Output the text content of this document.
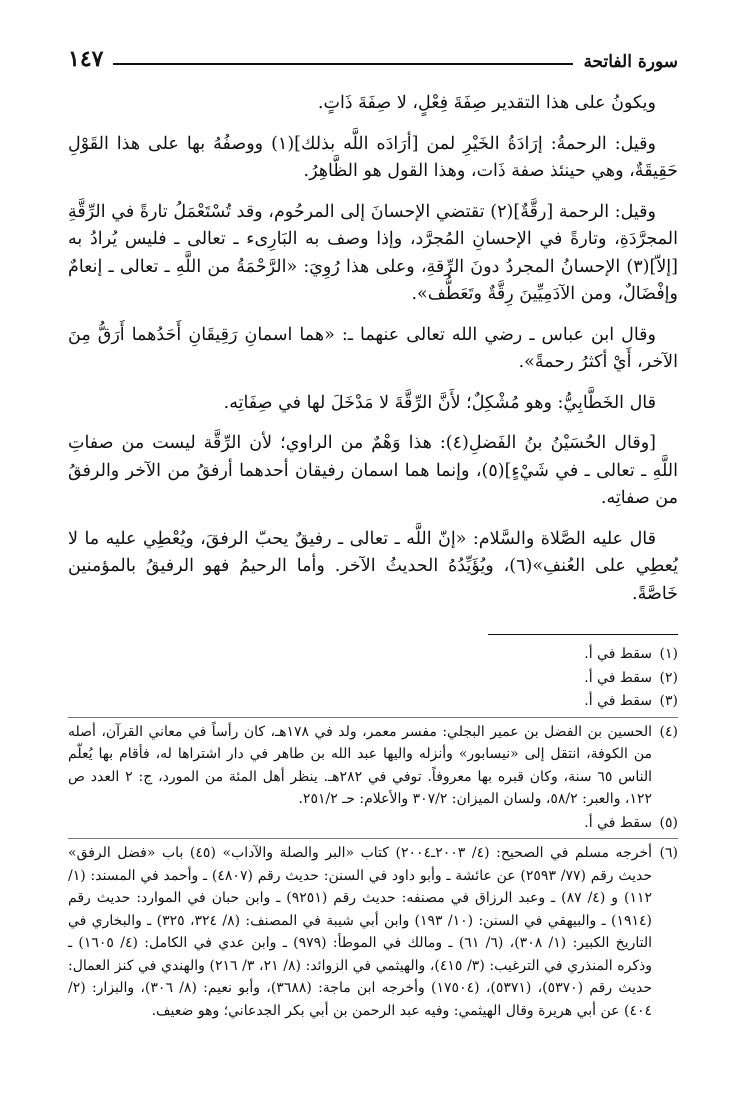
سورة الفاتحة
١٤٧

ويكونُ على هذا التقدير صِفَةَ فِعْلٍ، لا صِفَةَ ذَاتٍ.

وقيل: الرحمةُ: إرَادَةُ الخَيْرِ لمن [أرَادَه اللَّه بذلك](١) ووصفُهُ بها على هذا القَوْلِ حَقِيقَةٌ، وهي حينئذ صفة ذَات، وهذا القول هو الظَّاهِرُ.

وقيل: الرحمة [رقَّةٌ](٢) تقتضي الإحسانَ إلى المرحُوم، وقد تُسْتَعْمَلُ تارةً في الرِّقَّةِ المجرَّدَةِ، وتارةً في الإحسانِ المُجرَّد، وإذا وصف به البَارِىء ـ تعالى ـ فليس يُرادُ به [إلاّ](٣) الإحسانُ المجردُ دونَ الرِّقةِ، وعلى هذا رُوِيَ: «الرَّحْمَةُ من اللَّهِ ـ تعالى ـ إنعامٌ وإفْضَالٌ، ومن الآدَمِيِّينَ رِقَّةٌ وتَعَطُّف».

وقال ابن عباس ـ رضي الله تعالى عنهما ـ: «هما اسمانِ رَقِيقَانِ أَحَدُهما أَرَقُّ مِنَ الآخر، أَيْ أكثرُ رحمةً».

قال الخَطَّابِيُّ: وهو مُشْكِلٌ؛ لأَنَّ الرِّقَّةَ لا مَدْخَلَ لها في صِفَاتِه.

[وقال الحُسَيْنُ بنُ الفَضلِ(٤): هذا وَهْمٌ من الراوي؛ لأن الرِّقَّة ليست من صفاتِ اللَّهِ ـ تعالى ـ في شَيْءٍ](٥)، وإنما هما اسمان رفيقان أحدهما أرفقُ من الآخر والرفقُ من صفاتِه.

قال عليه الصَّلاة والسَّلام: «إنّ اللَّه ـ تعالى ـ رفيقٌ يحبّ الرفقَ، ويُعْطِي عليه ما لا يُعطِي على العُنفِ»(٦)، ويُؤَيِّدُهُ الحديثُ الآخر. وأما الرحيمُ فهو الرفيقُ بالمؤمنين خَاصَّةً.

(١)
سقط في أ.
(٢)
سقط في أ.
(٣)
سقط في أ.
(٤)
الحسين بن الفضل بن عمير البجلي: مفسر معمر، ولد في ١٧٨هـ، كان رأساً في معاني القرآن، أصله من الكوفة، انتقل إلى «نيسابور» وأنزله واليها عبد الله بن طاهر في دار اشتراها له، فأقام بها يُعلّم الناس ٦٥ سنة، وكان قبره بها معروفاً. توفي في ٢٨٢هـ. ينظر أهل المئة من المورد، ج: ٢ العدد ص ١٢٢، والعبر: ٥٨/٢، ولسان الميزان: ٣٠٧/٢ والأعلام: حـ ٢٥١/٢.
(٥)
سقط في أ.
(٦)
أخرجه مسلم في الصحيح: (٤/ ٢٠٠٣ـ٢٠٠٤) كتاب «البر والصلة والآداب» (٤٥) باب «فضل الرفق» حديث رقم (٧٧/ ٢٥٩٣) عن عائشة ـ وأبو داود في السنن: حديث رقم (٤٨٠٧) ـ وأحمد في المسند: (١/ ١١٢) و (٤/ ٨٧) ـ وعبد الرزاق في مصنفه: حديث رقم (٩٢٥١) ـ وابن حبان في الموارد: حديث رقم (١٩١٤) ـ والبيهقي في السنن: (١٠/ ١٩٣) وابن أبي شيبة في المصنف: (٨/ ٣٢٤، ٣٢٥) ـ والبخاري في التاريخ الكبير: (١/ ٣٠٨)، (٦/ ٦١) ـ ومالك في الموطأ: (٩٧٩) ـ وابن عدي في الكامل: (٤/ ١٦٠٥) ـ وذكره المنذري في الترغيب: (٣/ ٤١٥)، والهيثمي في الزوائد: (٨/ ٢١، ٣/ ٢١٦) والهندي في كنز العمال: حديث رقم (٥٣٧٠)، (٥٣٧١)، (١٧٥٠٤) وأخرجه ابن ماجة: (٣٦٨٨)، وأبو نعيم: (٨/ ٣٠٦)، والبزار: (٢/ ٤٠٤) عن أبي هريرة وقال الهيثمي: وفيه عبد الرحمن بن أبي بكر الجدعاني؛ وهو ضعيف.
